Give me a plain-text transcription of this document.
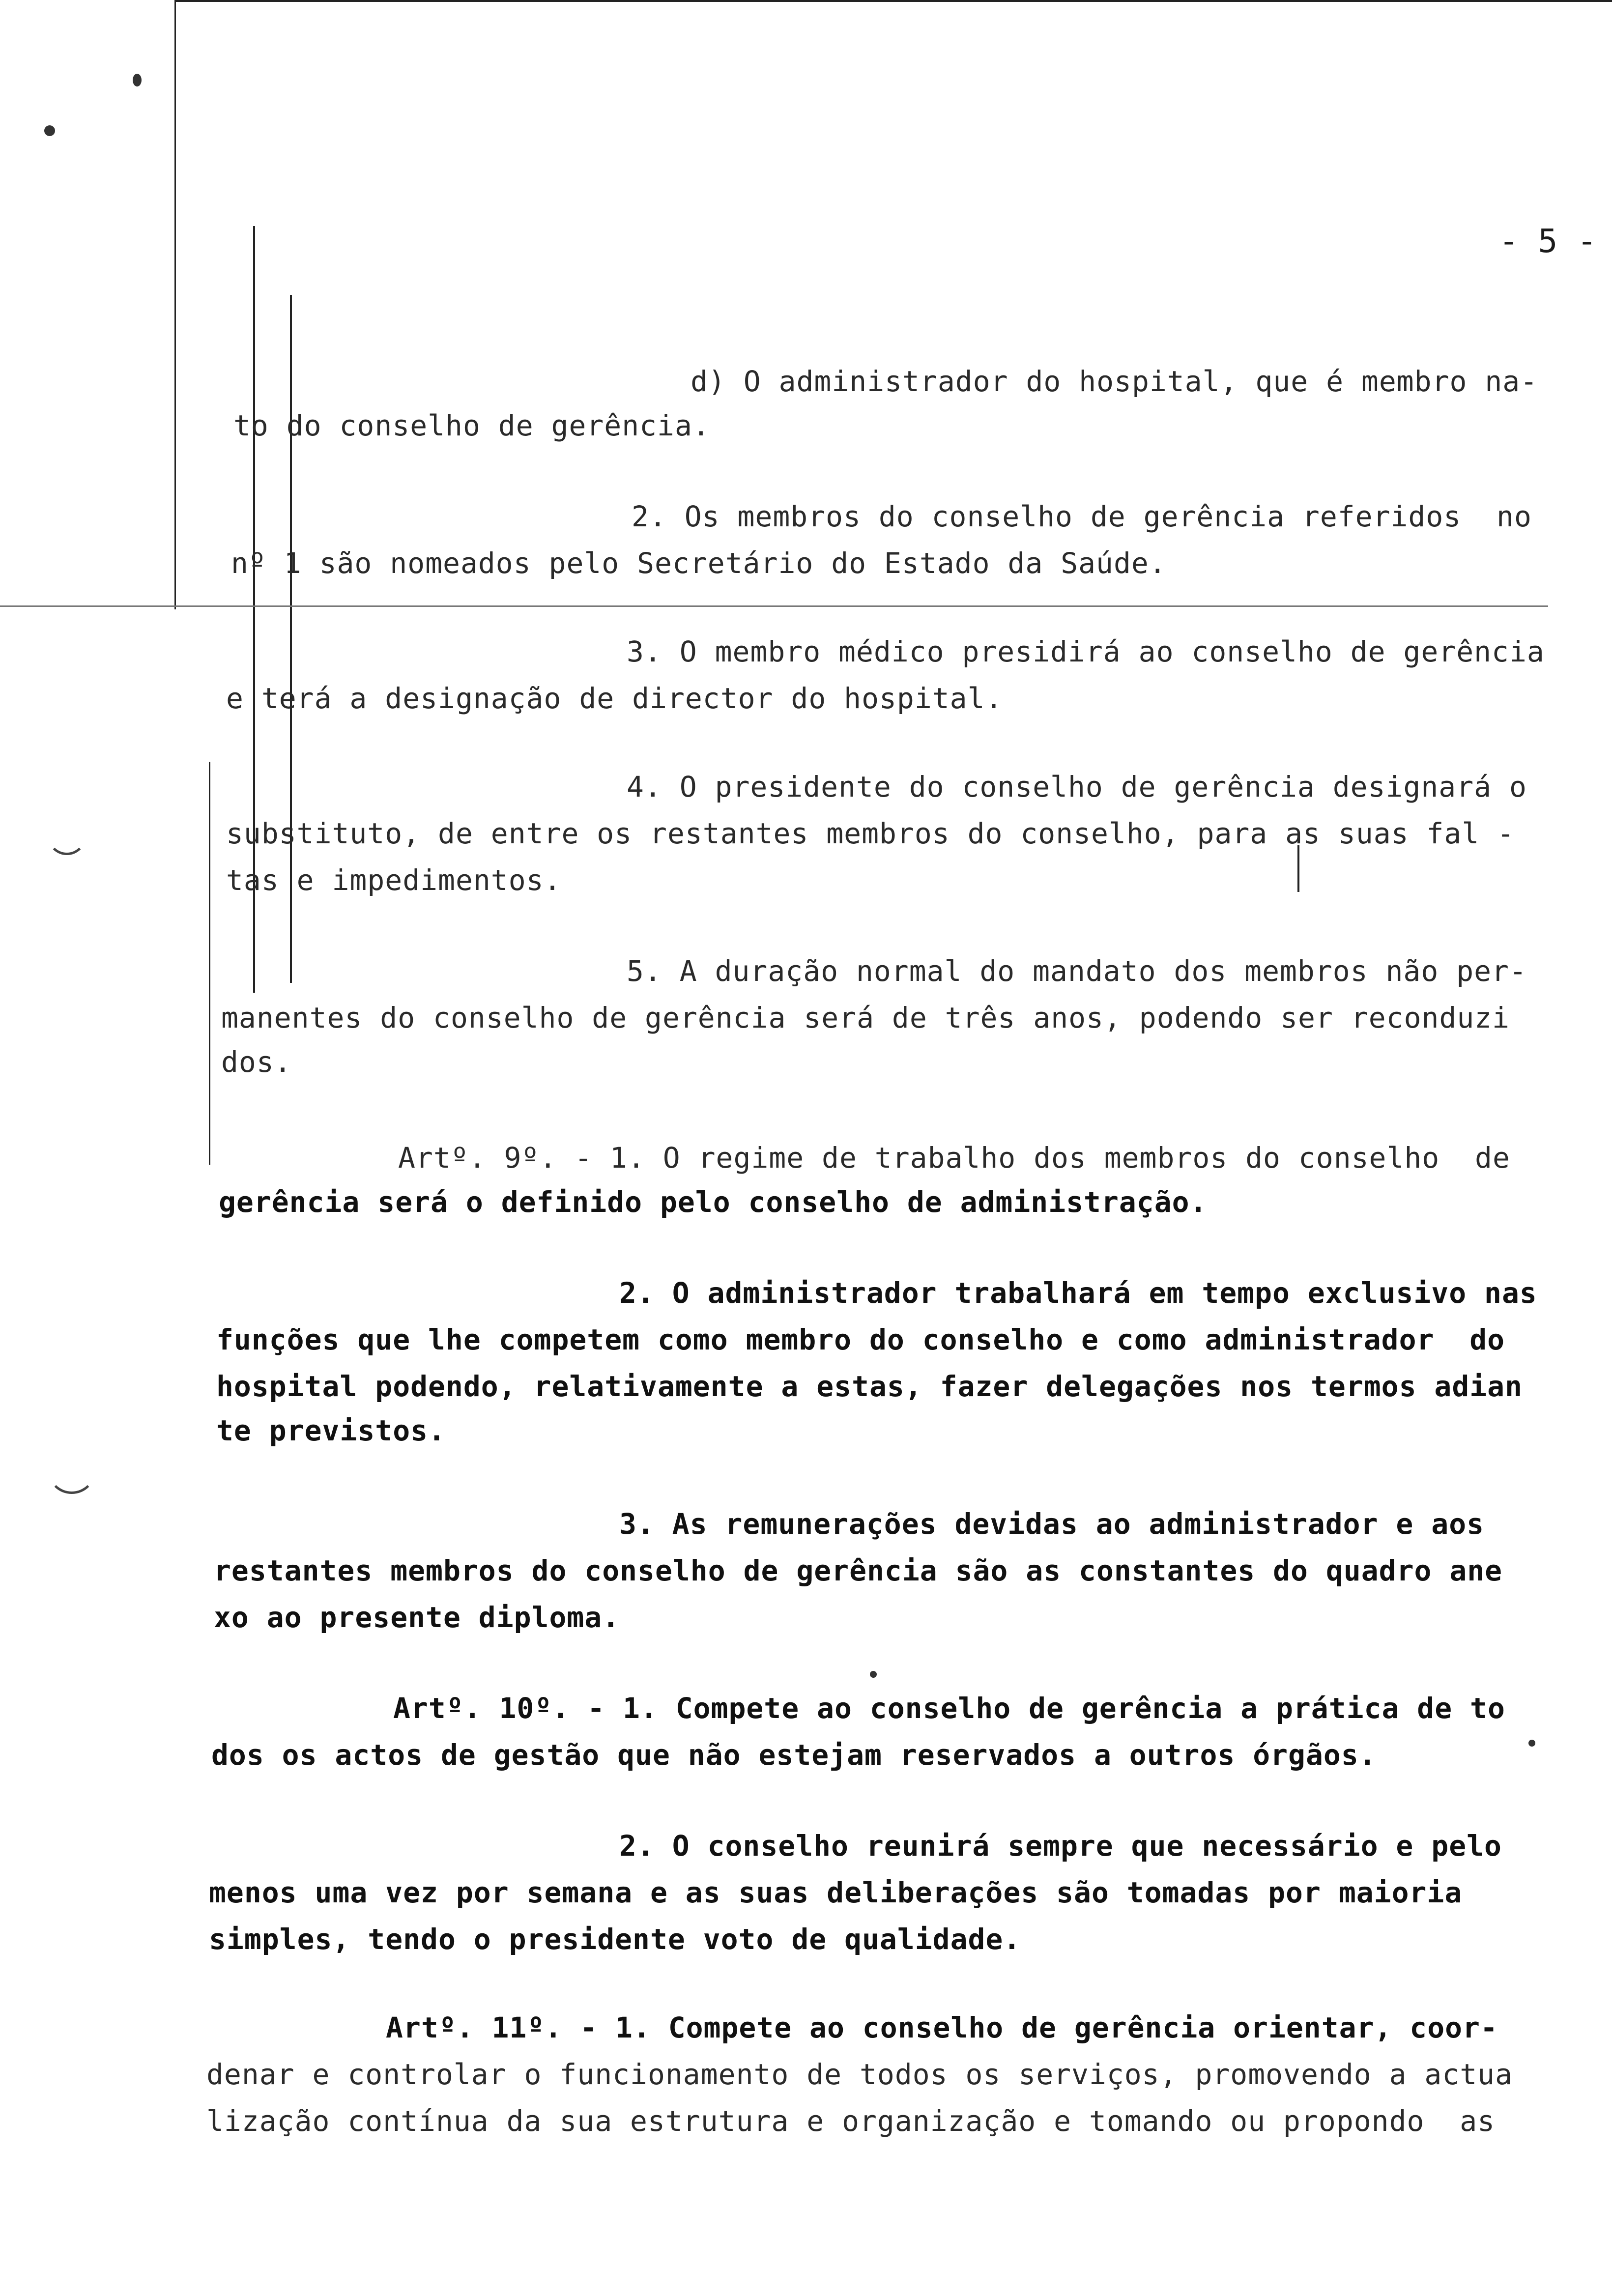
- 5 -
d) O administrador do hospital, que é membro na-
to do conselho de gerência.
2. Os membros do conselho de gerência referidos  no
nº 1 são nomeados pelo Secretário do Estado da Saúde.
3. O membro médico presidirá ao conselho de gerência
e terá a designação de director do hospital.
4. O presidente do conselho de gerência designará o
substituto, de entre os restantes membros do conselho, para as suas fal -
tas e impedimentos.
5. A duração normal do mandato dos membros não per-
manentes do conselho de gerência será de três anos, podendo ser reconduzi
dos.
Artº. 9º. - 1. O regime de trabalho dos membros do conselho  de
gerência será o definido pelo conselho de administração.
2. O administrador trabalhará em tempo exclusivo nas
funções que lhe competem como membro do conselho e como administrador  do
hospital podendo, relativamente a estas, fazer delegações nos termos adian
te previstos.
3. As remunerações devidas ao administrador e aos
restantes membros do conselho de gerência são as constantes do quadro ane
xo ao presente diploma.
Artº. 10º. - 1. Compete ao conselho de gerência a prática de to
dos os actos de gestão que não estejam reservados a outros órgãos.
2. O conselho reunirá sempre que necessário e pelo
menos uma vez por semana e as suas deliberações são tomadas por maioria
simples, tendo o presidente voto de qualidade.
Artº. 11º. - 1. Compete ao conselho de gerência orientar, coor-
denar e controlar o funcionamento de todos os serviços, promovendo a actua
lização contínua da sua estrutura e organização e tomando ou propondo  as
